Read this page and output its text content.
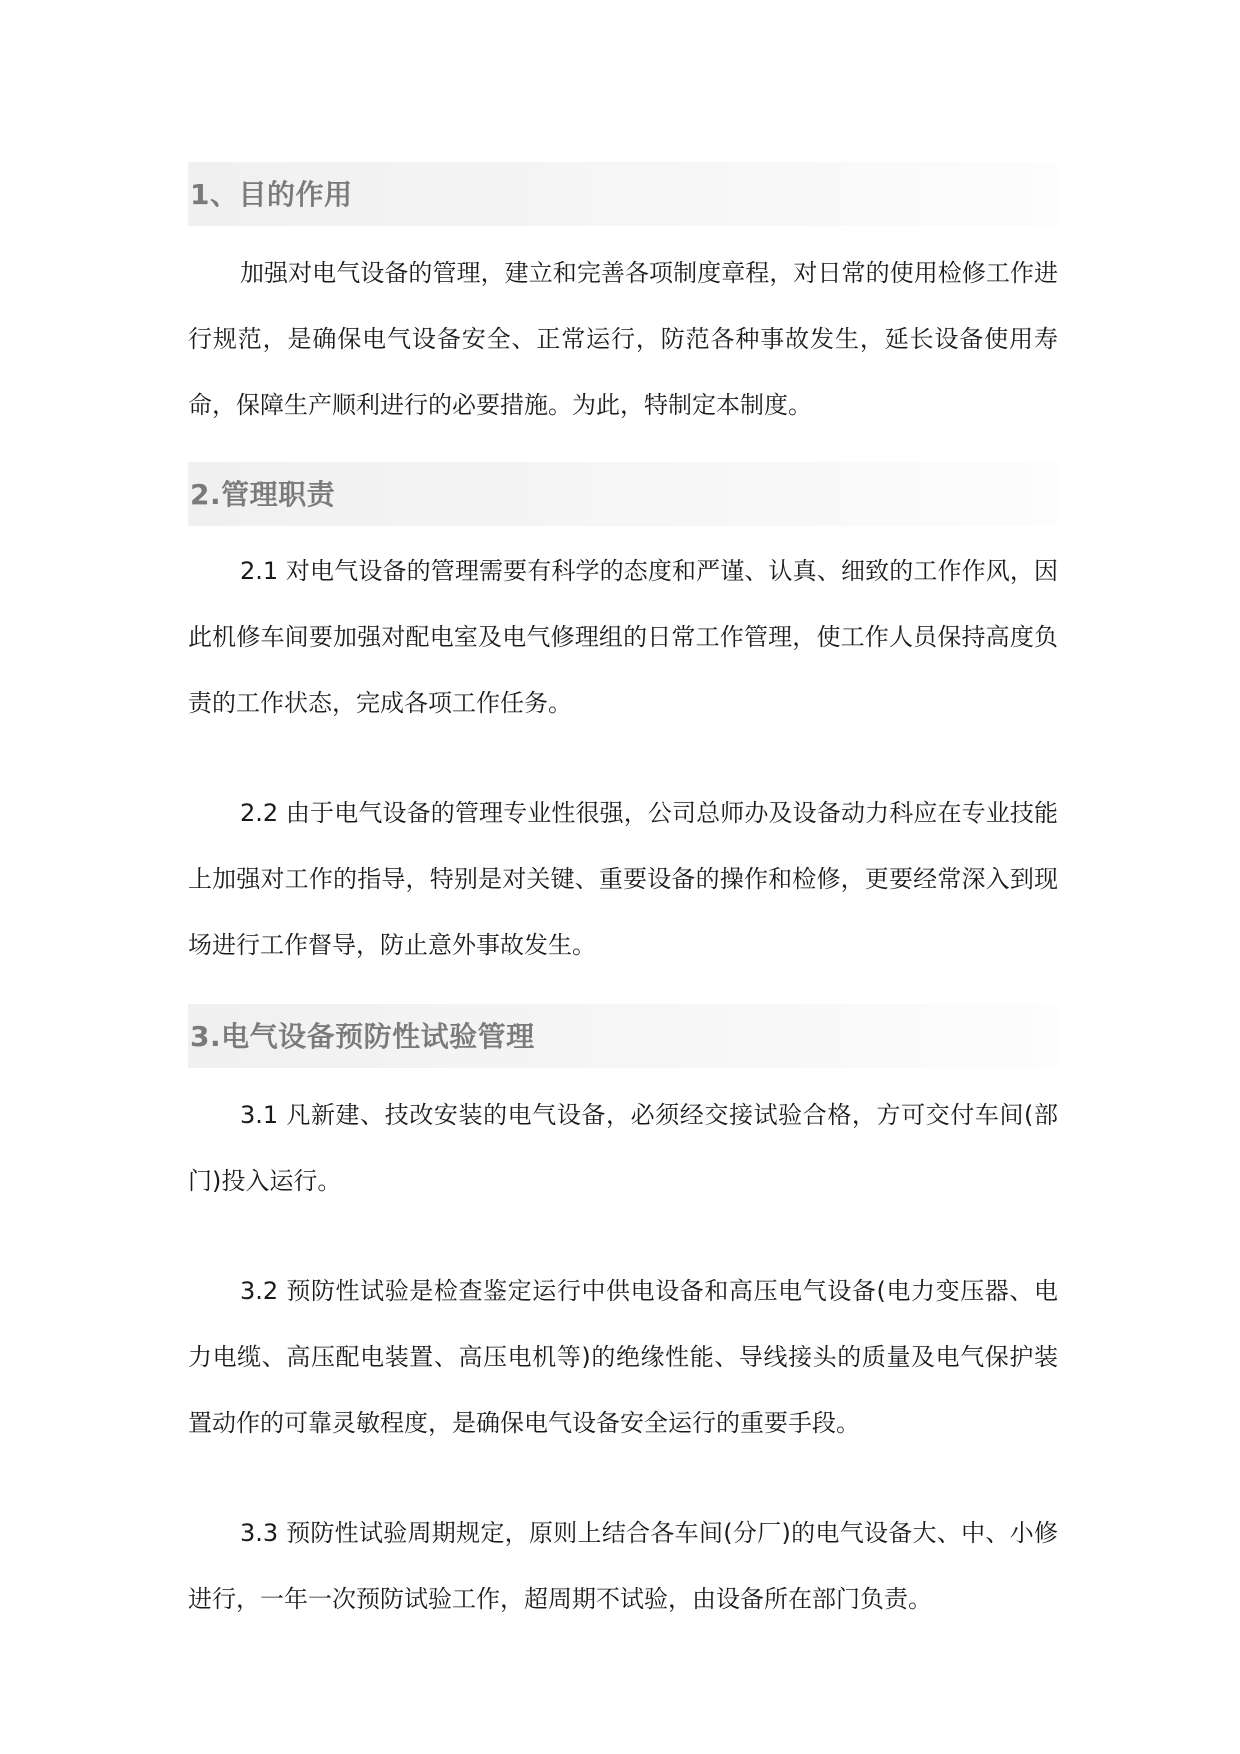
1、目的作用

加强对电气设备的管理，建立和完善各项制度章程，对日常的使用检修工作进行规范，是确保电气设备安全、正常运行，防范各种事故发生，延长设备使用寿命，保障生产顺利进行的必要措施。为此，特制定本制度。

2.管理职责

2.1 对电气设备的管理需要有科学的态度和严谨、认真、细致的工作作风，因此机修车间要加强对配电室及电气修理组的日常工作管理，使工作人员保持高度负责的工作状态，完成各项工作任务。

2.2 由于电气设备的管理专业性很强，公司总师办及设备动力科应在专业技能上加强对工作的指导，特别是对关键、重要设备的操作和检修，更要经常深入到现场进行工作督导，防止意外事故发生。

3.电气设备预防性试验管理

3.1 凡新建、技改安装的电气设备，必须经交接试验合格，方可交付车间(部门)投入运行。

3.2 预防性试验是检查鉴定运行中供电设备和高压电气设备(电力变压器、电力电缆、高压配电装置、高压电机等)的绝缘性能、导线接头的质量及电气保护装置动作的可靠灵敏程度，是确保电气设备安全运行的重要手段。

3.3 预防性试验周期规定，原则上结合各车间(分厂)的电气设备大、中、小修进行，一年一次预防试验工作，超周期不试验，由设备所在部门负责。
